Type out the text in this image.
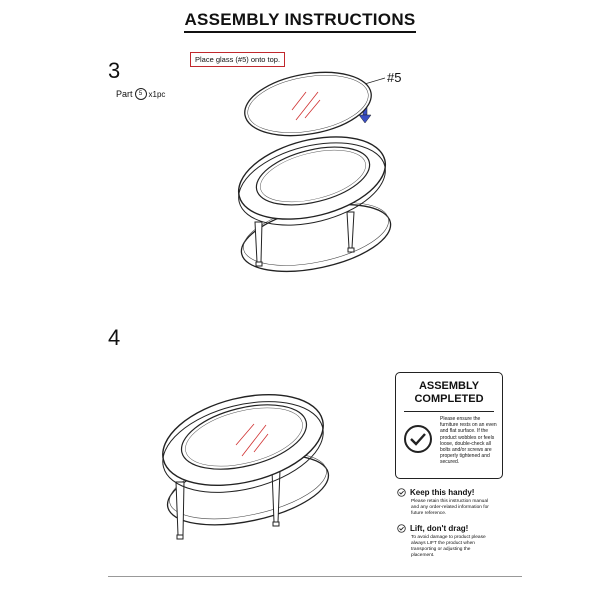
ASSEMBLY INSTRUCTIONS
3
Part	5 x1pc
Place glass (#5) onto top.
#5
4
ASSEMBLY
COMPLETED
Please ensure the furniture rests on an even and flat surface. If the product wobbles or feels loose, double-check all bolts and/or screws are properly tightened and secured.
Keep this handy!
Please retain this instruction manual and any order-related information for future reference.
Lift, don't drag!
To avoid damage to product please always LIFT the product when transporting or adjusting the placement.
